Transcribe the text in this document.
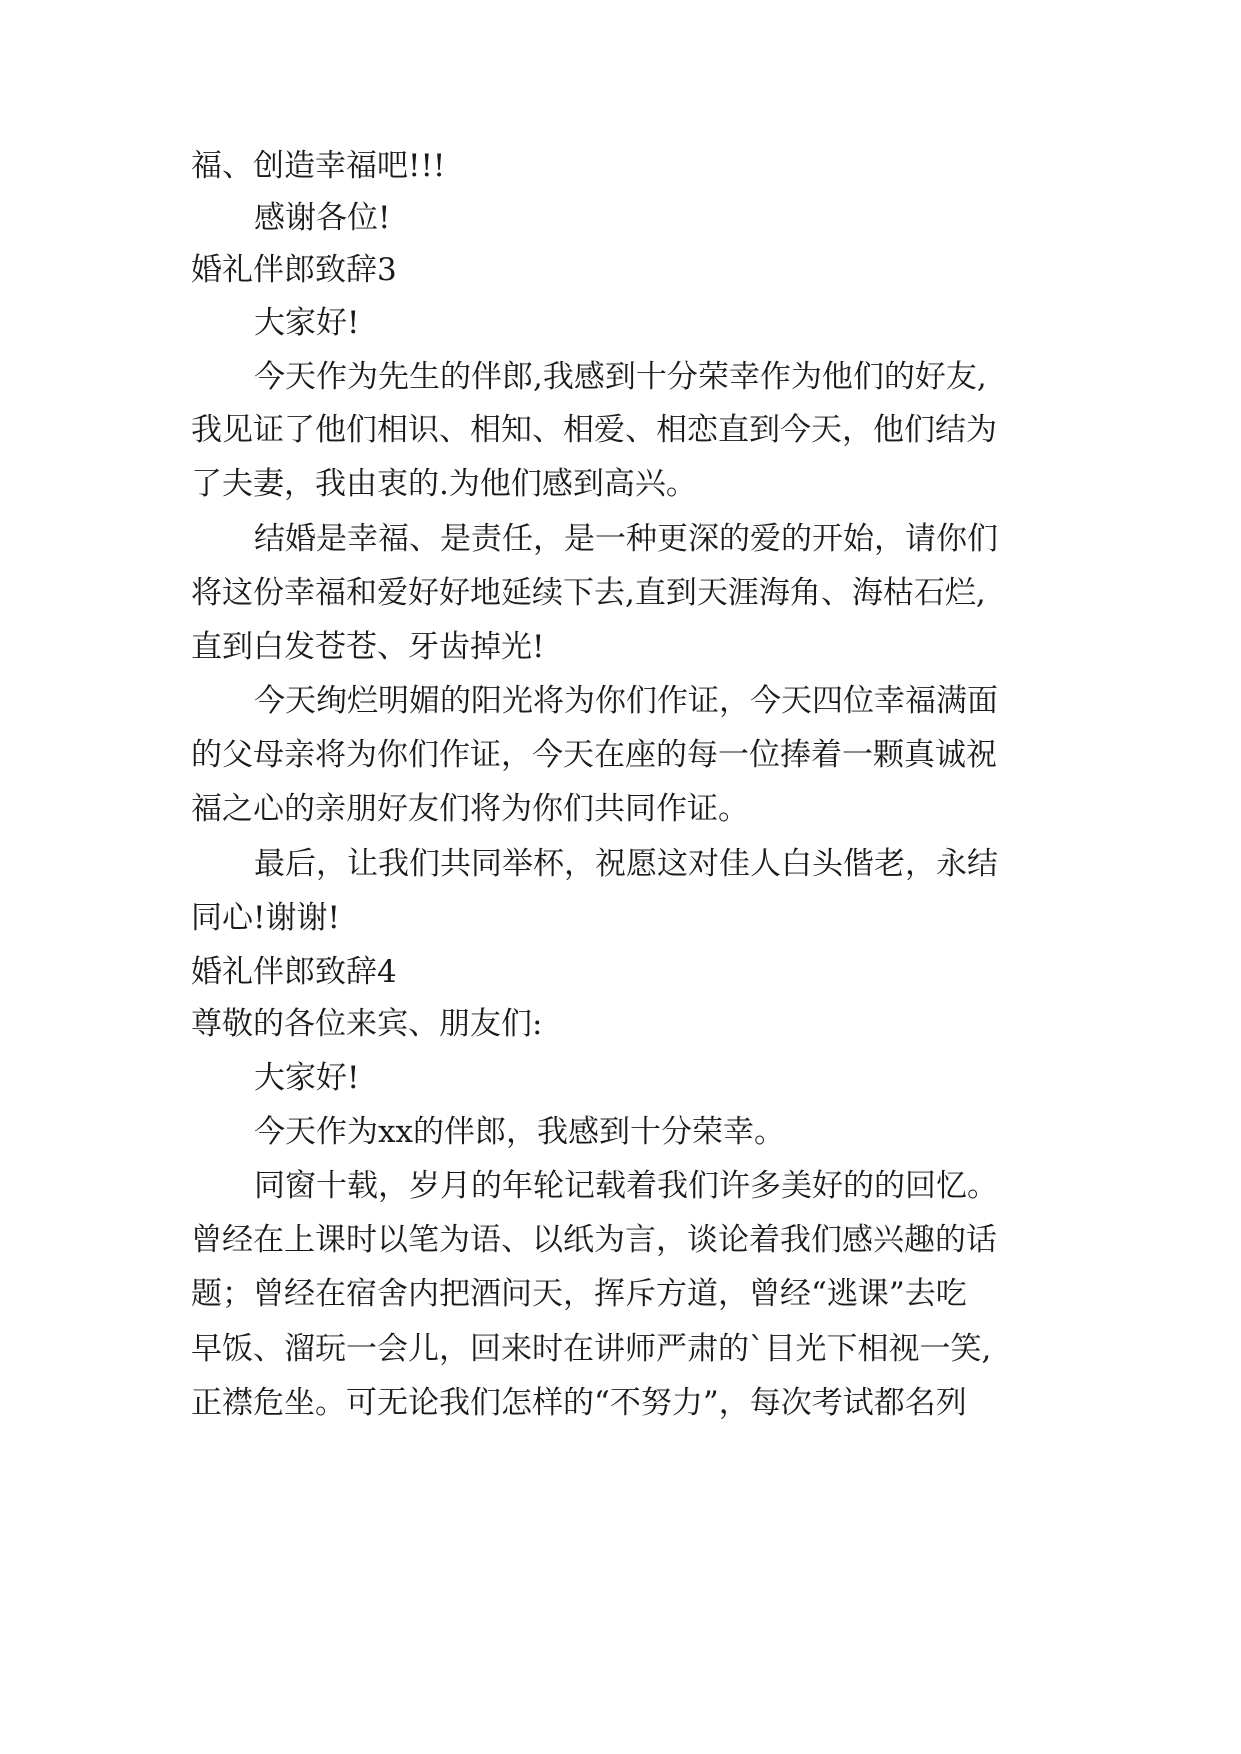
福、创造幸福吧!!!
感谢各位!
婚礼伴郎致辞3
大家好!
今天作为先生的伴郎,我感到十分荣幸作为他们的好友,
我见证了他们相识、相知、相爱、相恋直到今天，他们结为
了夫妻，我由衷的.为他们感到高兴。
结婚是幸福、是责任，是一种更深的爱的开始，请你们
将这份幸福和爱好好地延续下去,直到天涯海角、海枯石烂,
直到白发苍苍、牙齿掉光!
今天绚烂明媚的阳光将为你们作证，今天四位幸福满面
的父母亲将为你们作证，今天在座的每一位捧着一颗真诚祝
福之心的亲朋好友们将为你们共同作证。
最后，让我们共同举杯，祝愿这对佳人白头偕老，永结
同心!谢谢!
婚礼伴郎致辞4
尊敬的各位来宾、朋友们:
大家好!
今天作为xx的伴郎，我感到十分荣幸。
同窗十载，岁月的年轮记载着我们许多美好的的回忆。
曾经在上课时以笔为语、以纸为言，谈论着我们感兴趣的话
题；曾经在宿舍内把酒问天，挥斥方道，曾经“逃课”去吃
早饭、溜玩一会儿，回来时在讲师严肃的`目光下相视一笑,
正襟危坐。可无论我们怎样的“不努力”，每次考试都名列
